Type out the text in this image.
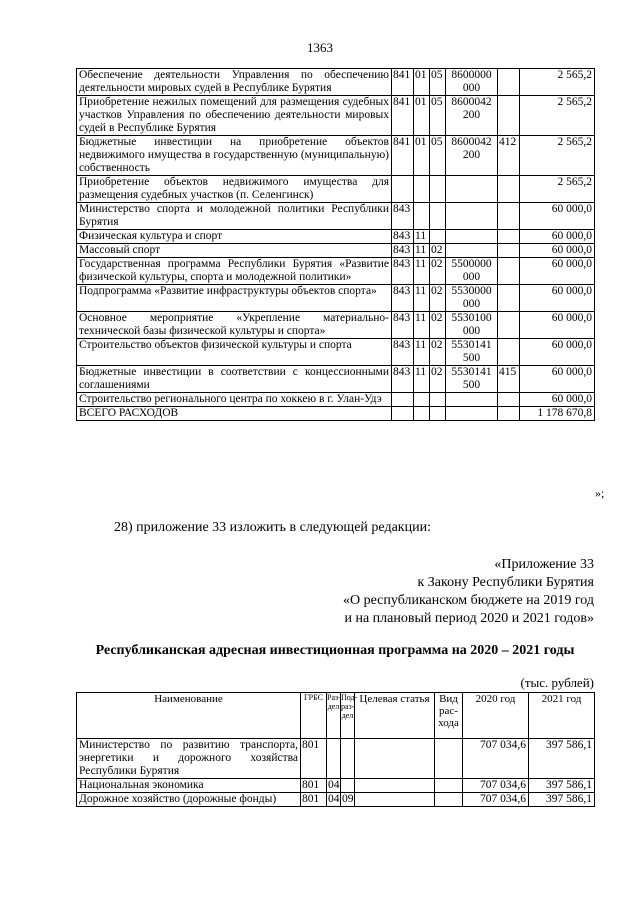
1363
Обеспечение деятельности Управления по обеспечению деятельности мировых судей в Республике Бурятия	841	01	05	8600000 000		2 565,2
Приобретение нежилых помещений для размещения судебных участков Управления по обеспечению деятельности мировых судей в Республике Бурятия	841	01	05	8600042 200		2 565,2
Бюджетные инвестиции на приобретение объектов недвижимого имущества в государственную (муниципальную) собственность	841	01	05	8600042 200	412	2 565,2
Приобретение объектов недвижимого имущества для размещения судебных участков (п. Селенгинск)						2 565,2
Министерство спорта и молодежной политики Республики Бурятия	843					60 000,0
Физическая культура и спорт	843	11				60 000,0
Массовый спорт	843	11	02			60 000,0
Государственная программа Республики Бурятия «Развитие физической культуры, спорта и молодежной политики»	843	11	02	5500000 000		60 000,0
Подпрограмма «Развитие инфраструктуры объектов спорта»	843	11	02	5530000 000		60 000,0
Основное мероприятие «Укрепление материально-технической базы физической культуры и спорта»	843	11	02	5530100 000		60 000,0
Строительство объектов физической культуры и спорта	843	11	02	5530141 500		60 000,0
Бюджетные инвестиции в соответствии с концессионными соглашениями	843	11	02	5530141 500	415	60 000,0
Строительство регионального центра по хоккею в г. Улан-Удэ						60 000,0
ВСЕГО РАСХОДОВ						1 178 670,8
»;
28) приложение 33 изложить в следующей редакции:
«Приложение 33
к Закону Республики Бурятия
«О республиканском бюджете на 2019 год
и на плановый период 2020 и 2021 годов»
Республиканская адресная инвестиционная программа на 2020 – 2021 годы
(тыс. рублей)
Наименование	ГРБС	Раз-дел	Под-раз-дел	Целевая статья	Вид рас-хода	2020 год	2021 год
Министерство по развитию транспорта, энергетики и дорожного хозяйства Республики Бурятия	801					707 034,6	397 586,1
Национальная экономика	801	04				707 034,6	397 586,1
Дорожное хозяйство (дорожные фонды)	801	04	09			707 034,6	397 586,1
